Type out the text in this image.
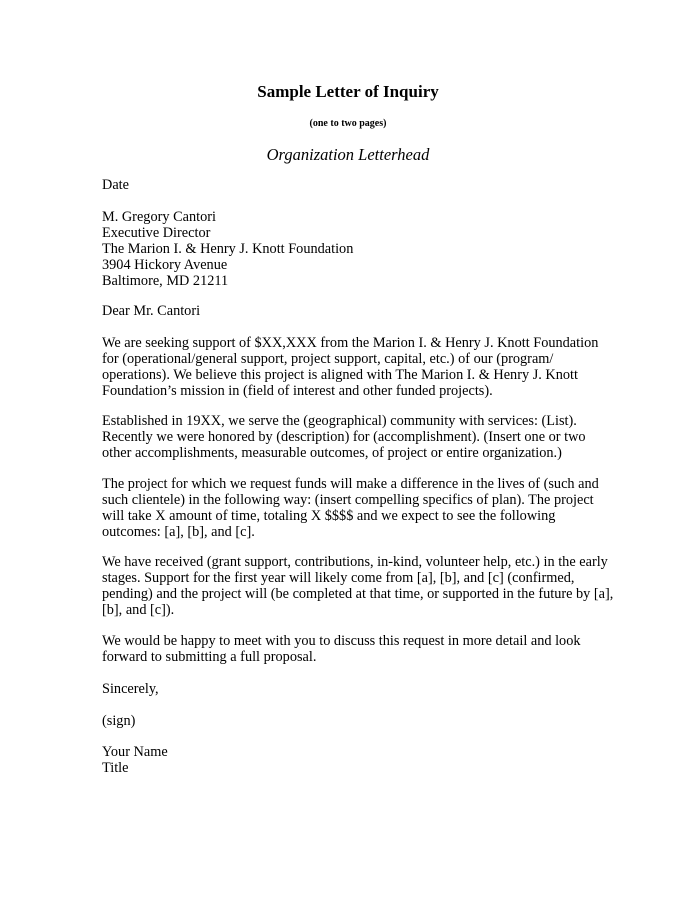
Sample Letter of Inquiry
(one to two pages)
Organization Letterhead
Date
M. Gregory Cantori
Executive Director
The Marion I. & Henry J. Knott Foundation
3904 Hickory Avenue
Baltimore, MD 21211
Dear Mr. Cantori
We are seeking support of $XX,XXX from the Marion I. & Henry J. Knott Foundation
for (operational/general support, project support, capital, etc.) of our (program/
operations). We believe this project is aligned with The Marion I. & Henry J. Knott
Foundation’s mission in (field of interest and other funded projects).
Established in 19XX, we serve the (geographical) community with services: (List).
Recently we were honored by (description) for (accomplishment). (Insert one or two
other accomplishments, measurable outcomes, of project or entire organization.)
The project for which we request funds will make a difference in the lives of (such and
such clientele) in the following way: (insert compelling specifics of plan). The project
will take X amount of time, totaling X $$$$ and we expect to see the following
outcomes: [a], [b], and [c].
We have received (grant support, contributions, in-kind, volunteer help, etc.) in the early
stages. Support for the first year will likely come from [a], [b], and [c] (confirmed,
pending) and the project will (be completed at that time, or supported in the future by [a],
[b], and [c]).
We would be happy to meet with you to discuss this request in more detail and look
forward to submitting a full proposal.
Sincerely,
(sign)
Your Name
Title
